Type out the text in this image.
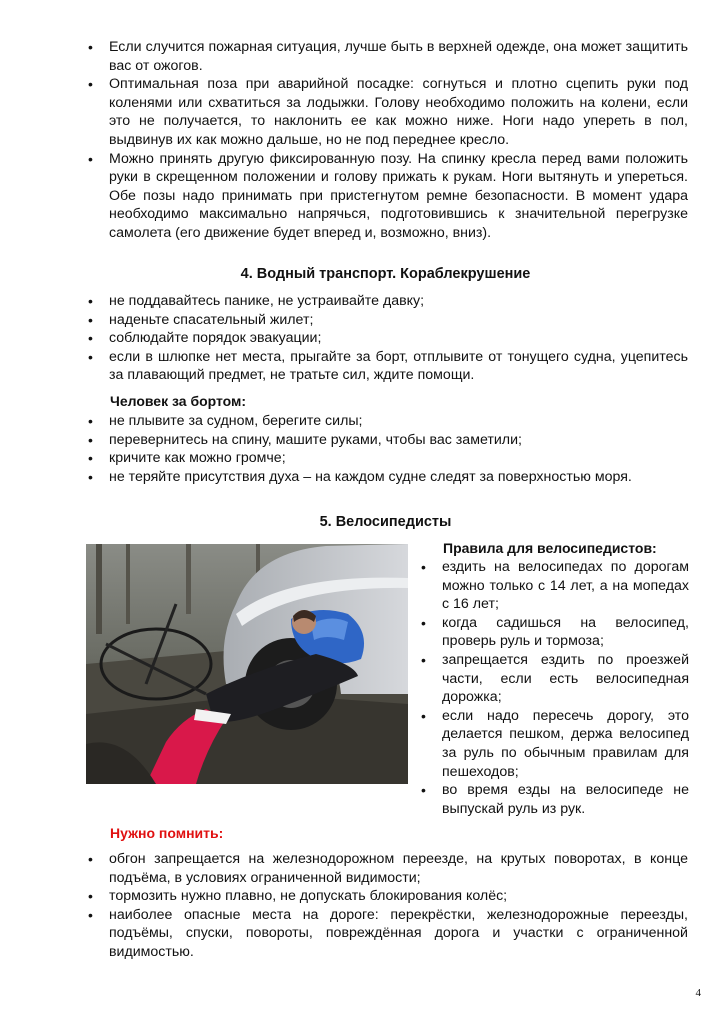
• Если случится пожарная ситуация, лучше быть в верхней одежде, она может защитить вас от ожогов.
• Оптимальная поза при аварийной посадке: согнуться и плотно сцепить руки под коленями или схватиться за лодыжки. Голову необходимо положить на колени, если это не получается, то наклонить ее как можно ниже. Ноги надо упереть в пол, выдвинув их как можно дальше, но не под переднее кресло.
• Можно принять другую фиксированную позу. На спинку кресла перед вами положить руки в скрещенном положении и голову прижать к рукам. Ноги вытянуть и упереться. Обе позы надо принимать при пристегнутом ремне безопасности. В момент удара необходимо максимально напрячься, подготовившись к значительной перегрузке самолета (его движение будет вперед и, возможно, вниз).
4. Водный транспорт. Кораблекрушение
• не поддавайтесь панике, не устраивайте давку;
• наденьте спасательный жилет;
• соблюдайте порядок эвакуации;
• если в шлюпке нет места, прыгайте за борт, отплывите от тонущего судна, уцепитесь за плавающий предмет, не тратьте сил, ждите помощи.
Человек за бортом:
• не плывите за судном, берегите силы;
• перевернитесь на спину, машите руками, чтобы вас заметили;
• кричите как можно громче;
• не теряйте присутствия духа – на каждом судне следят за поверхностью моря.
5. Велосипедисты
Правила для велосипедистов:
• ездить на велосипедах по дорогам можно только с 14 лет, а на мопедах с 16 лет;
• когда садишься на велосипед, проверь руль и тормоза;
• запрещается ездить по проезжей части, если есть велосипедная дорожка;
• если надо пересечь дорогу, это делается пешком, держа велосипед за руль по обычным правилам для пешеходов;
• во время езды на велосипеде не выпускай руль из рук.
Нужно помнить:
• обгон запрещается на железнодорожном переезде, на крутых поворотах, в конце подъёма, в условиях ограниченной видимости;
• тормозить нужно плавно, не допускать блокирования колёс;
• наиболее опасные места на дороге: перекрёстки, железнодорожные переезды, подъёмы, спуски, повороты, повреждённая дорога и участки с ограниченной видимостью.
4
